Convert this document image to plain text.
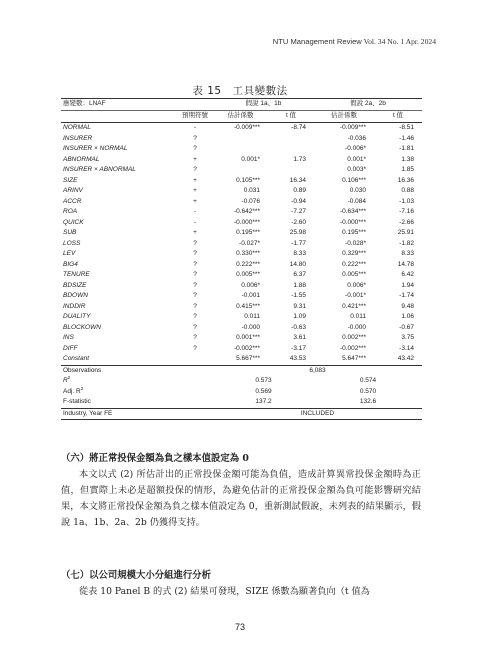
NTU Management Review Vol. 34 No. 1 Apr. 2024
表 15　工具變數法
應變數：LNAF		假說 1a、1b		假說 2a、2b	
	預期符號	估計係數	t 值	估計係數	t 值
NORMAL	-	-0.009***	-8.74	-0.009***	-8.51
INSURER	?			-0.036	-1.46
INSURER × NORMAL	?			-0.006*	-1.81
ABNORMAL	+	0.001*	1.73	0.001*	1.38
INSURER × ABNORMAL	?			0.003*	1.85
SIZE	+	0.105***	16.34	0.106***	16.36
ARINV	+	0.031	0.89	0.030	0.88
ACCR	+	-0.076	-0.94	-0.084	-1.03
ROA	-	-0.642***	-7.27	-0.634***	-7.16
QUICK	-	-0.000***	-2.60	-0.000***	-2.66
SUB	+	0.195***	25.98	0.195***	25.91
LOSS	?	-0.027*	-1.77	-0.028*	-1.82
LEV	?	0.330***	8.33	0.329***	8.33
BIG4	?	0.222***	14.80	0.222***	14.78
TENURE	?	0.005***	6.37	0.005***	6.42
BDSIZE	?	0.006*	1.88	0.006*	1.94
BDOWN	?	-0.001	-1.55	-0.001*	-1.74
INDDIR	?	0.415***	9.31	0.421***	9.48
DUALITY	?	0.011	1.09	0.011	1.06
BLOCKOWN	?	-0.000	-0.63	-0.000	-0.67
INS	?	0.001***	3.61	0.002***	3.75
DIFF	?	-0.002***	-3.17	-0.002***	-3.14
Constant		5.667***	43.53	5.647***	43.42
Observations		6,083			
$R^2$		0.573		0.574	
Adj. $R^2$		0.569		0.570	
F-statistic		137.2		132.6	
Industry, Year FE		INCLUDED			
（六）將正常投保金額為負之樣本值設定為 0

本文以式 (2) 所估計出的正常投保金額可能為負值，造成計算異常投保金額時為正值，但實際上未必是超額投保的情形，為避免估計的正常投保金額為負可能影響研究結果，本文將正常投保金額為負之樣本值設定為 0，重新測試假說，未列表的結果顯示，假說 1a、1b、2a、2b 仍獲得支持。

（七）以公司規模大小分組進行分析

從表 10 Panel B 的式 (2) 結果可發現，SIZE 係數為顯著負向（t 值為

73
